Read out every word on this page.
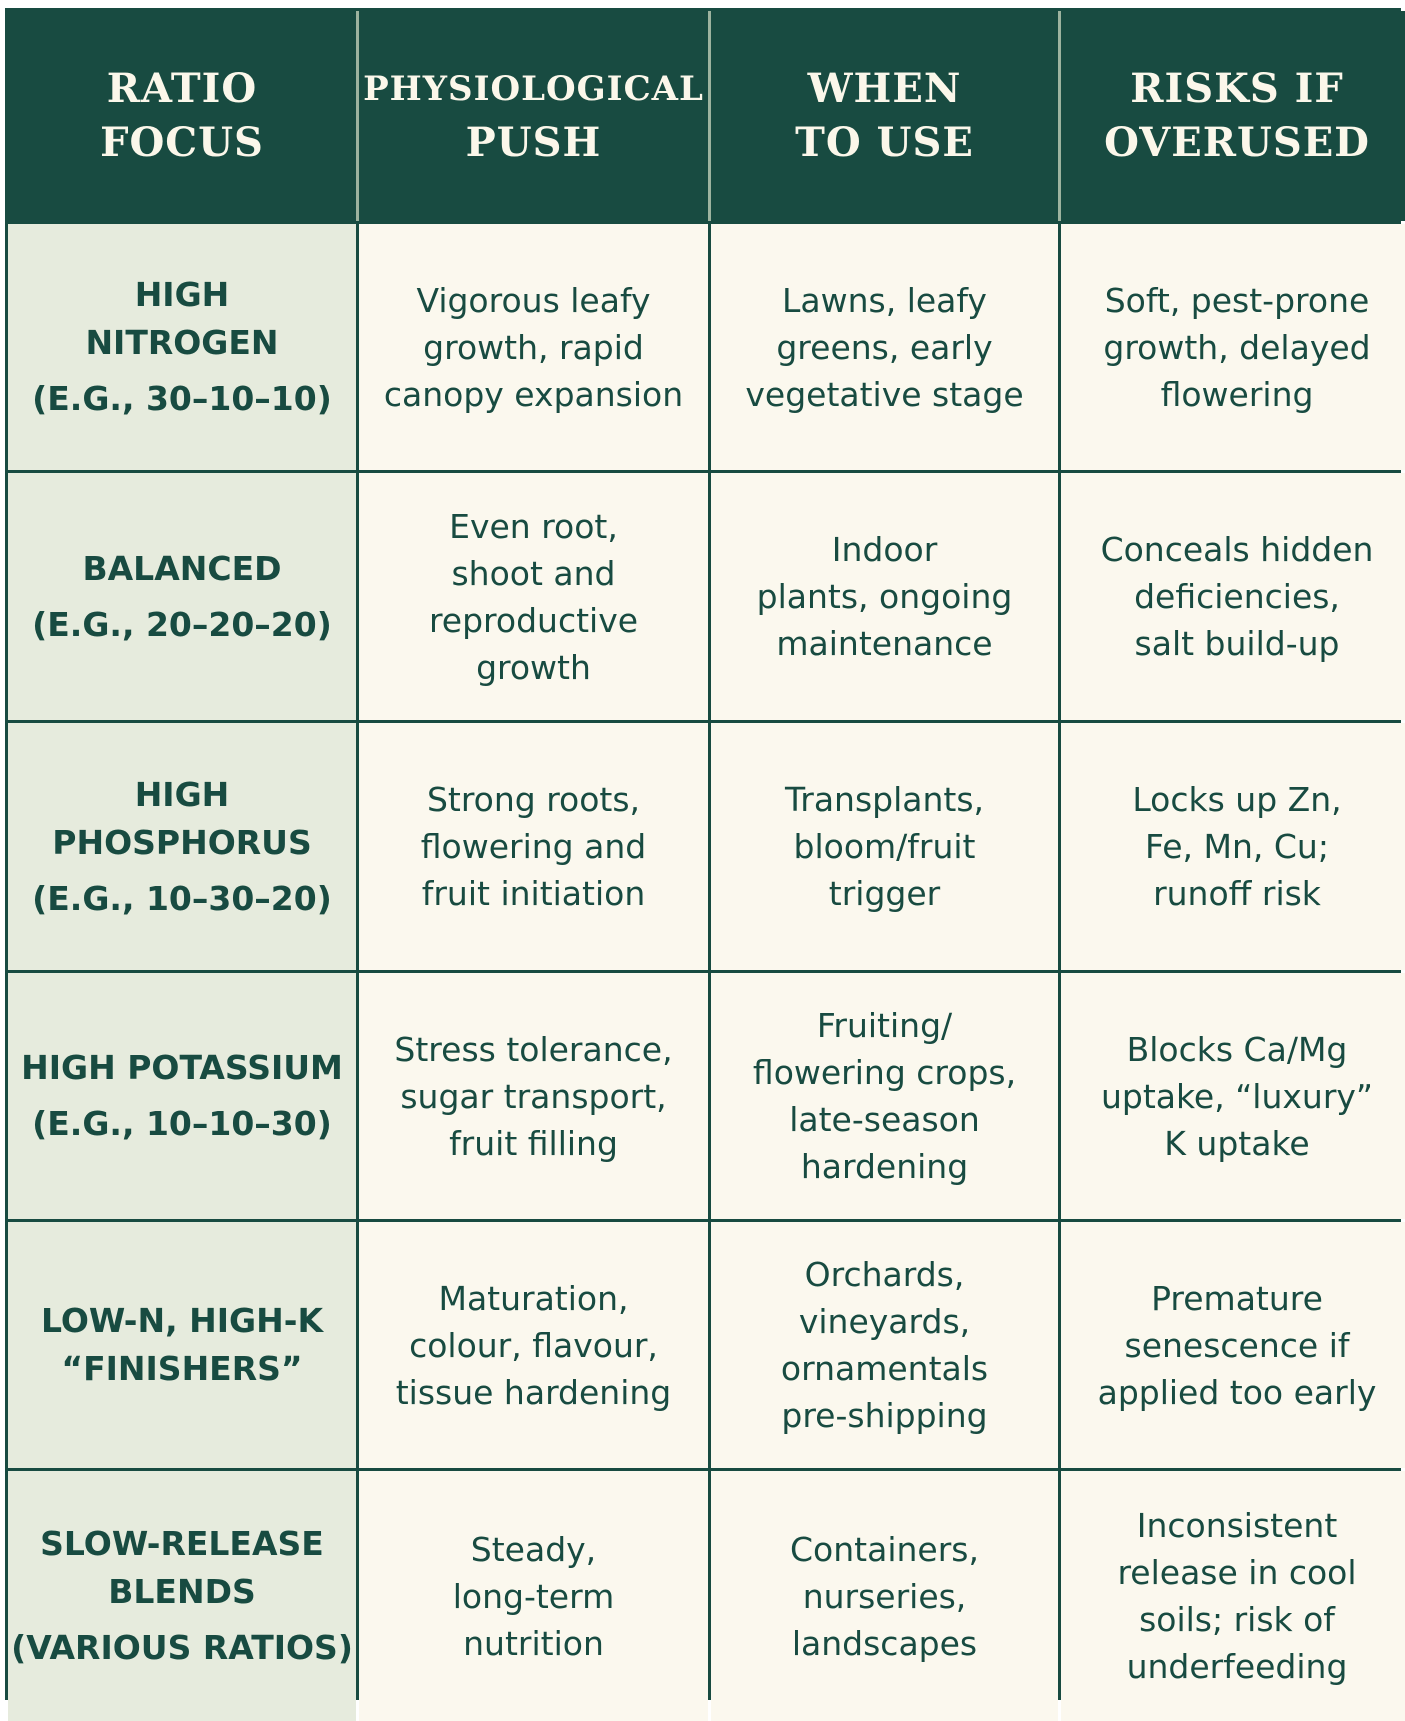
RATIO
FOCUS
PHYSIOLOGICAL
PUSH
WHEN
TO USE
RISKS IF
OVERUSED
HIGH
NITROGEN
(E.G., 30–10–10)
Vigorous leafy
growth, rapid
canopy expansion
Lawns, leafy
greens, early
vegetative stage
Soft, pest-prone
growth, delayed
flowering
BALANCED
(E.G., 20–20–20)
Even root,
shoot and
reproductive
growth
Indoor
plants, ongoing
maintenance
Conceals hidden
deficiencies,
salt build-up
HIGH
PHOSPHORUS
(E.G., 10–30–20)
Strong roots,
flowering and
fruit initiation
Transplants,
bloom/fruit
trigger
Locks up Zn,
Fe, Mn, Cu;
runoff risk
HIGH POTASSIUM
(E.G., 10–10–30)
Stress tolerance,
sugar transport,
fruit filling
Fruiting/
flowering crops,
late-season
hardening
Blocks Ca/Mg
uptake, “luxury”
K uptake
LOW-N, HIGH-K
“FINISHERS”
Maturation,
colour, flavour,
tissue hardening
Orchards,
vineyards,
ornamentals
pre-shipping
Premature
senescence if
applied too early
SLOW-RELEASE
BLENDS
(VARIOUS RATIOS)
Steady,
long-term
nutrition
Containers,
nurseries,
landscapes
Inconsistent
release in cool
soils; risk of
underfeeding
